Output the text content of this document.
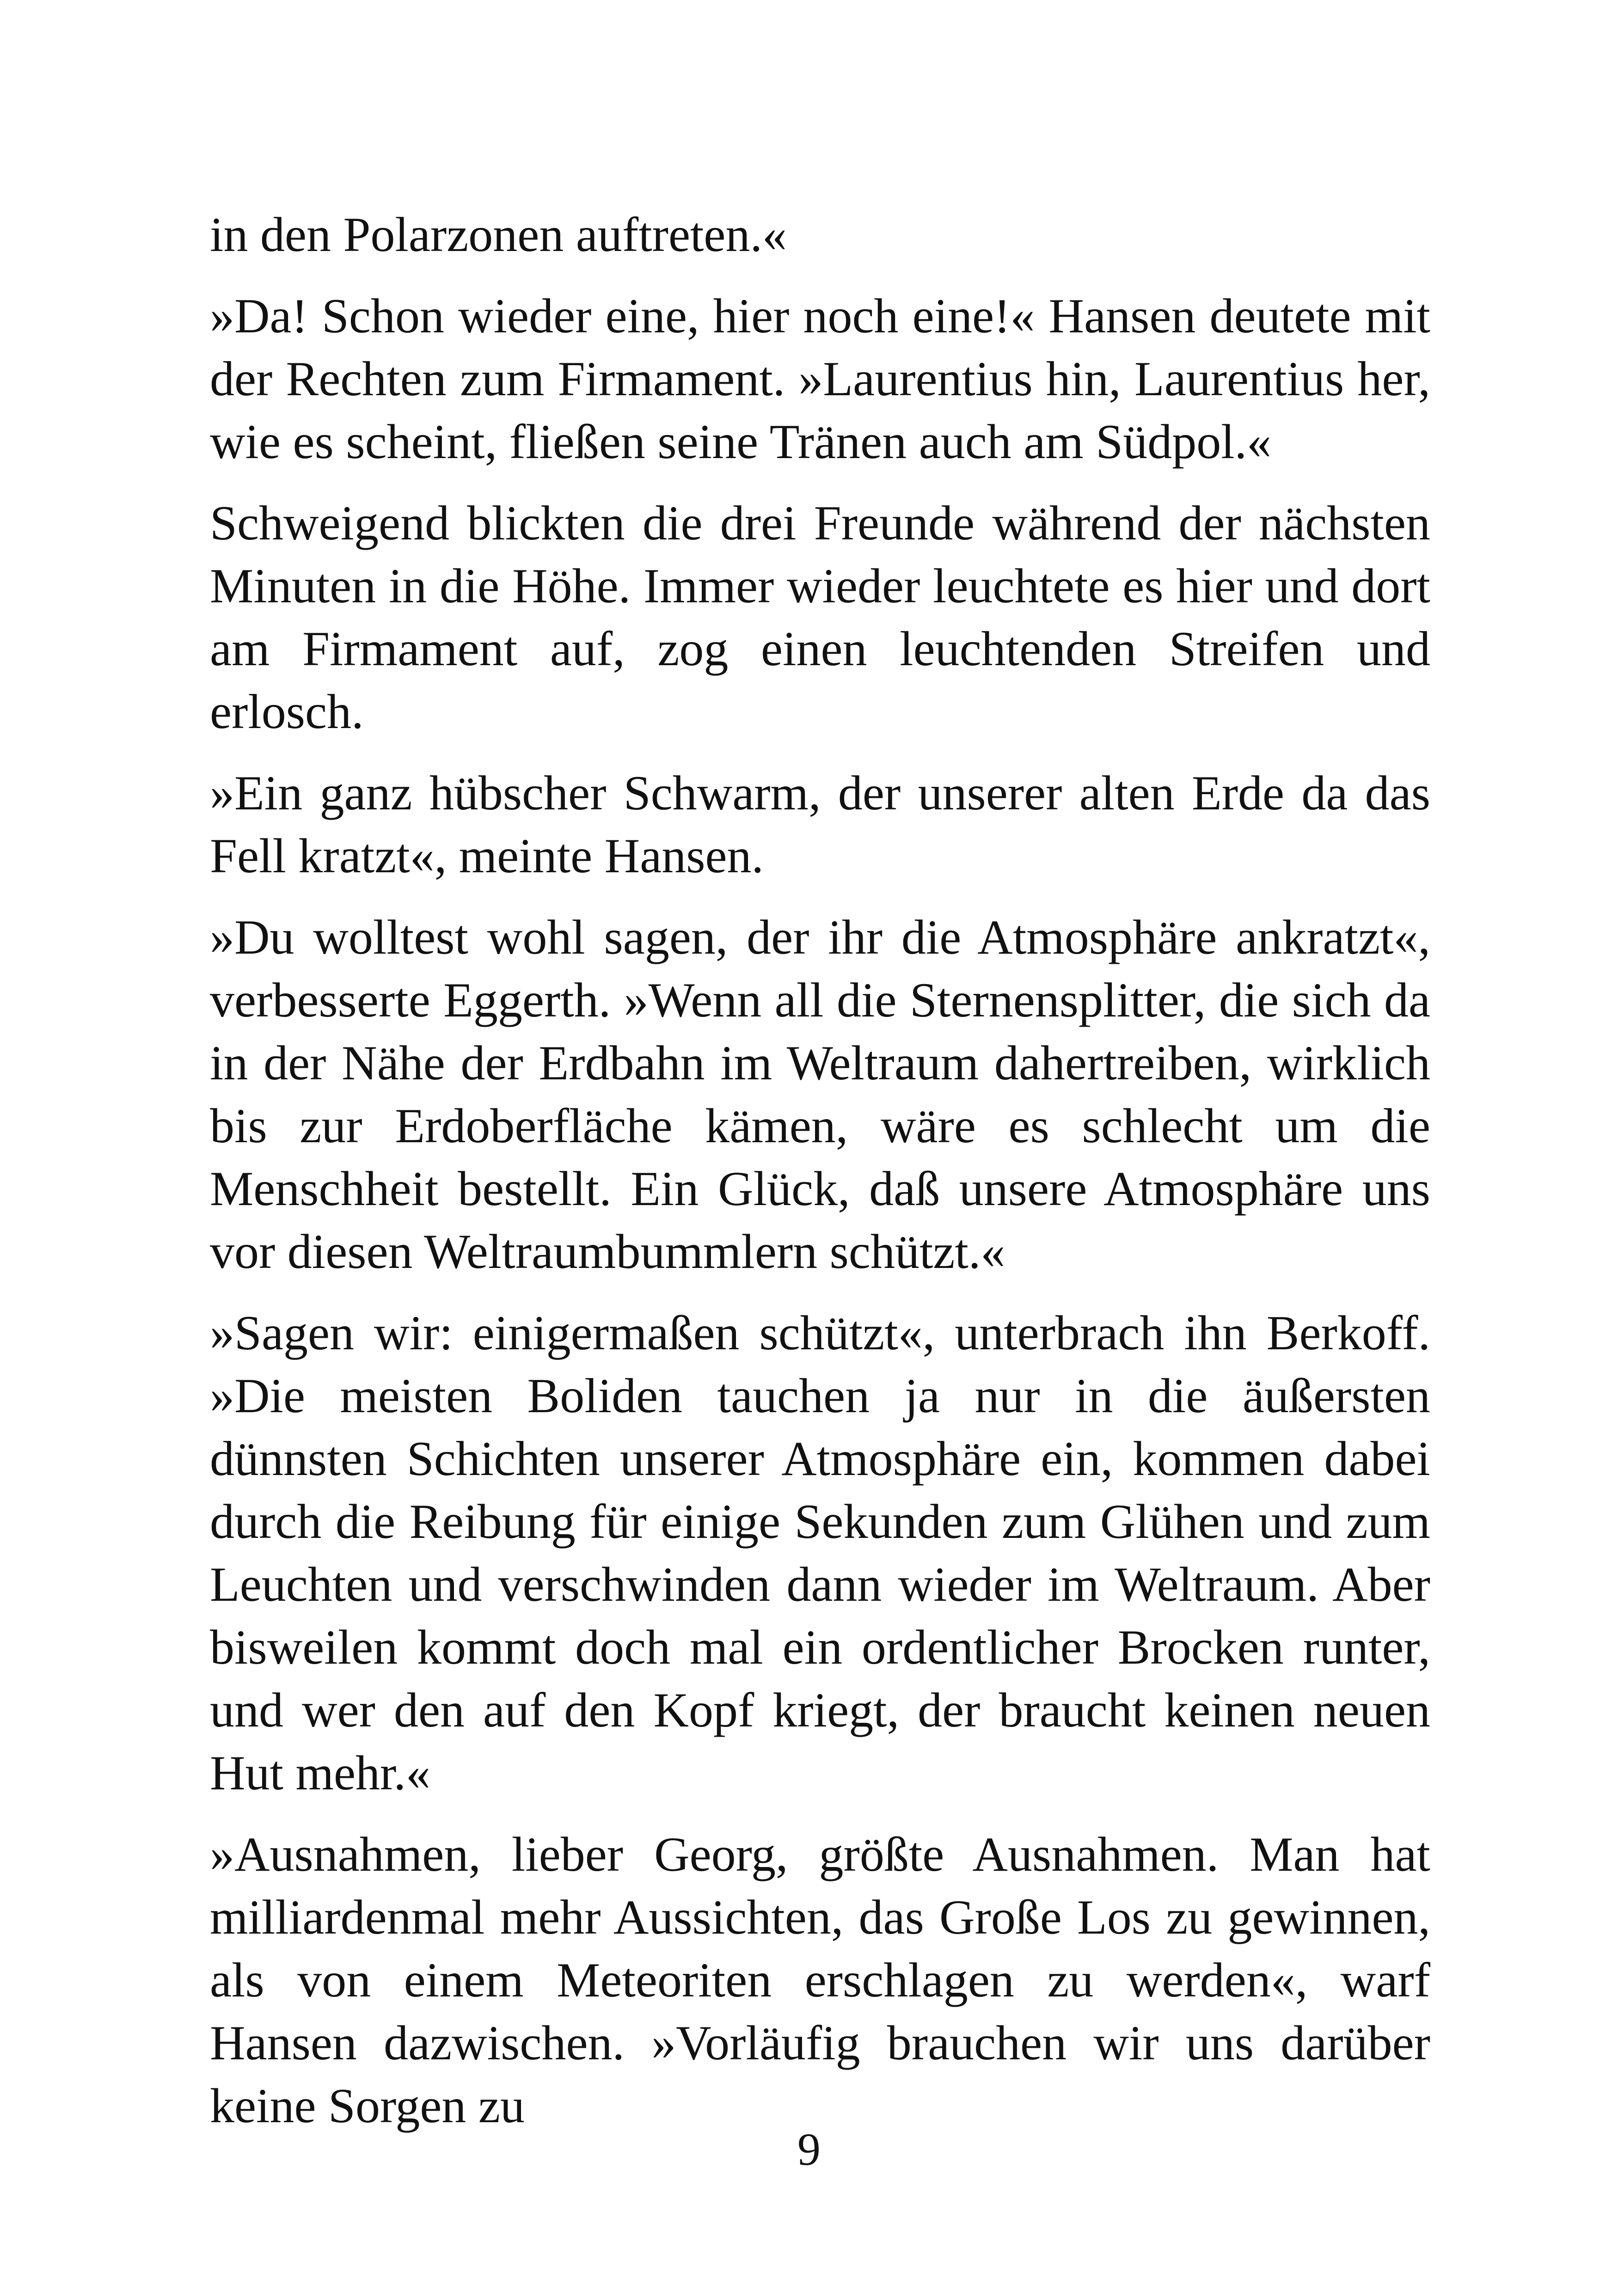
in den Polarzonen auftreten.«

»Da! Schon wieder eine, hier noch eine!« Hansen deutete mit der Rechten zum Firmament. »Laurentius hin, Laurentius her, wie es scheint, fließen seine Tränen auch am Südpol.«

Schweigend blickten die drei Freunde während der nächsten Minuten in die Höhe. Immer wieder leuchtete es hier und dort am Firmament auf, zog einen leuchtenden Streifen und erlosch.

»Ein ganz hübscher Schwarm, der unserer alten Erde da das Fell kratzt«, meinte Hansen.

»Du wolltest wohl sagen, der ihr die Atmosphäre ankratzt«, verbesserte Eggerth. »Wenn all die Sternensplitter, die sich da in der Nähe der Erdbahn im Weltraum dahertreiben, wirklich bis zur Erdoberfläche kämen, wäre es schlecht um die Menschheit bestellt. Ein Glück, daß unsere Atmosphäre uns vor diesen Weltraumbummlern schützt.«

»Sagen wir: einigermaßen schützt«, unterbrach ihn Berkoff. »Die meisten Boliden tauchen ja nur in die äußersten dünnsten Schichten unserer Atmosphäre ein, kommen dabei durch die Reibung für einige Sekunden zum Glühen und zum Leuchten und verschwinden dann wieder im Weltraum. Aber bisweilen kommt doch mal ein ordentlicher Brocken runter, und wer den auf den Kopf kriegt, der braucht keinen neuen Hut mehr.«

»Ausnahmen, lieber Georg, größte Ausnahmen. Man hat milliardenmal mehr Aussichten, das Große Los zu gewinnen, als von einem Meteoriten erschlagen zu werden«, warf Hansen dazwischen. »Vorläufig brauchen wir uns darüber keine Sorgen zu

9
